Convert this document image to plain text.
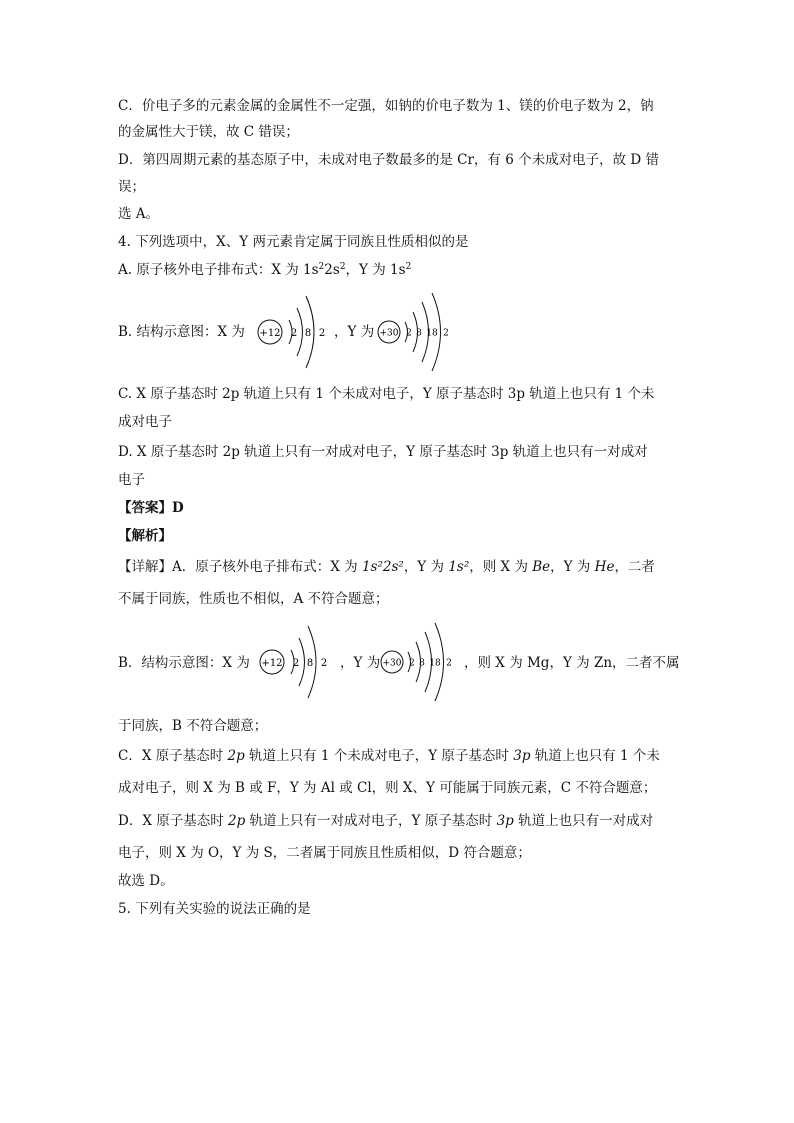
C．价电子多的元素金属的金属性不一定强，如钠的价电子数为 1、镁的价电子数为 2，钠
的金属性大于镁，故 C 错误；
D．第四周期元素的基态原子中，未成对电子数最多的是 Cr，有 6 个未成对电子，故 D 错
误；
选 A。
4. 下列选项中，X、Y 两元素肯定属于同族且性质相似的是
A. 原子核外电子排布式：X 为 $1s^22s^2$，Y 为 $1s^2$
B. 结构示意图：X 为 +12 2 8 2 ，Y 为 +30 2 8 18 2
C. X 原子基态时 2p 轨道上只有 1 个未成对电子，Y 原子基态时 3p 轨道上也只有 1 个未
成对电子
D. X 原子基态时 2p 轨道上只有一对成对电子，Y 原子基态时 3p 轨道上也只有一对成对
电子
【答案】D
【解析】
【详解】A．原子核外电子排布式：X 为 1s²2s²，Y 为 1s²，则 X 为 Be，Y 为 He，二者
不属于同族，性质也不相似，A 不符合题意；
B．结构示意图：X 为 +12 2 8 2 ，Y 为 +30 2 8 18 2 ，则 X 为 Mg，Y 为 Zn，二者不属
于同族，B 不符合题意；
C．X 原子基态时 2p 轨道上只有 1 个未成对电子，Y 原子基态时 3p 轨道上也只有 1 个未
成对电子，则 X 为 B 或 F，Y 为 Al 或 Cl，则 X、Y 可能属于同族元素，C 不符合题意；
D．X 原子基态时 2p 轨道上只有一对成对电子，Y 原子基态时 3p 轨道上也只有一对成对
电子，则 X 为 O，Y 为 S，二者属于同族且性质相似，D 符合题意；
故选 D。
5. 下列有关实验的说法正确的是
